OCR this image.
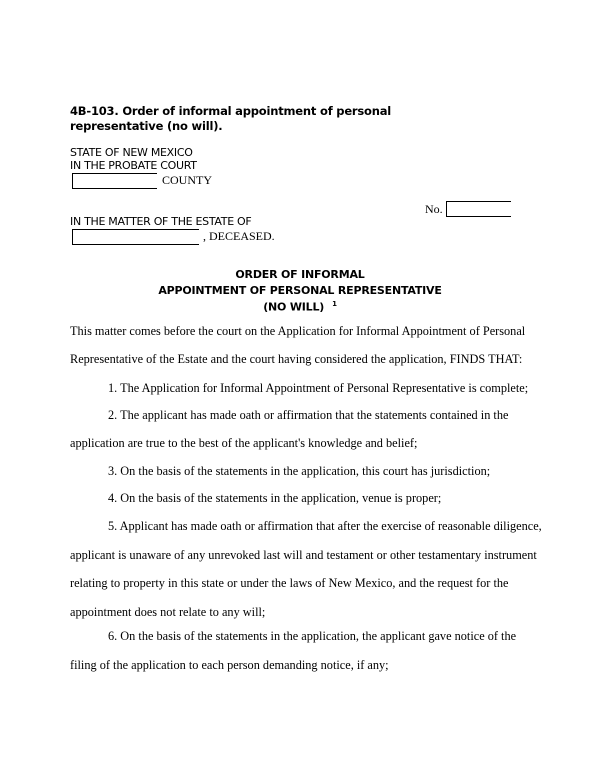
4B-103. Order of informal appointment of personal representative (no will).
STATE OF NEW MEXICO
IN THE PROBATE COURT
COUNTY
No.
IN THE MATTER OF THE ESTATE OF
, DECEASED.
ORDER OF INFORMAL
APPOINTMENT OF PERSONAL REPRESENTATIVE
(NO WILL) $^1$
This matter comes before the court on the Application for Informal Appointment of Personal
Representative of the Estate and the court having considered the application, FINDS THAT:
1. The Application for Informal Appointment of Personal Representative is complete;
2. The applicant has made oath or affirmation that the statements contained in the
application are true to the best of the applicant's knowledge and belief;
3. On the basis of the statements in the application, this court has jurisdiction;
4. On the basis of the statements in the application, venue is proper;
5. Applicant has made oath or affirmation that after the exercise of reasonable diligence,
applicant is unaware of any unrevoked last will and testament or other testamentary instrument
relating to property in this state or under the laws of New Mexico, and the request for the
appointment does not relate to any will;
6. On the basis of the statements in the application, the applicant gave notice of the
filing of the application to each person demanding notice, if any;
